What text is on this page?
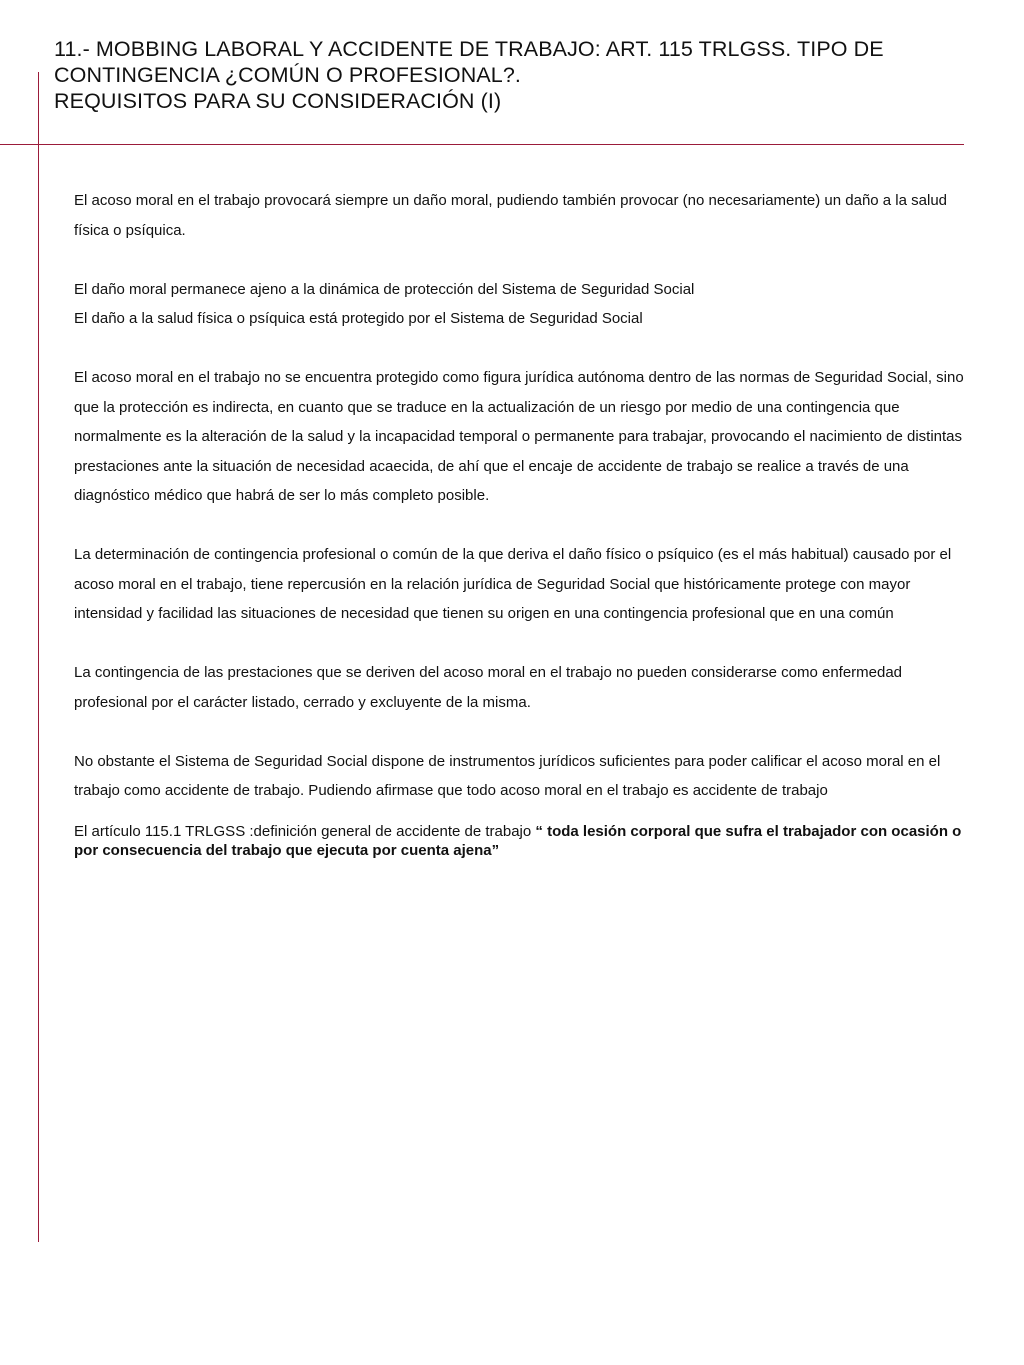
11.- MOBBING LABORAL Y ACCIDENTE DE TRABAJO: ART. 115 TRLGSS. TIPO DE
CONTINGENCIA ¿COMÚN O PROFESIONAL?.
REQUISITOS PARA SU CONSIDERACIÓN (I)

El acoso moral en el trabajo provocará siempre un daño moral, pudiendo también provocar (no necesariamente) un daño a la salud física o psíquica.

El daño moral permanece ajeno a la dinámica de protección del Sistema de Seguridad Social

El daño a la salud física o psíquica está protegido por el Sistema de Seguridad Social

El acoso moral en el trabajo no se encuentra protegido como figura jurídica autónoma dentro de las normas de Seguridad Social, sino que la protección es indirecta, en cuanto que se traduce en la actualización de un riesgo por medio de una contingencia que normalmente es la alteración de la salud y la incapacidad temporal o permanente para trabajar, provocando el nacimiento de distintas prestaciones ante la situación de necesidad acaecida, de ahí que el encaje de accidente de trabajo se realice a través de una diagnóstico médico que habrá de ser lo más completo posible.

La determinación de contingencia profesional o común de la que deriva el daño físico o psíquico (es el más habitual) causado por el acoso moral en el trabajo, tiene repercusión en la relación jurídica de Seguridad Social que históricamente protege con mayor intensidad y facilidad las situaciones de necesidad que tienen su origen en una contingencia profesional que en una común

La contingencia de las prestaciones que se deriven del acoso moral en el trabajo no pueden considerarse como enfermedad profesional por el carácter listado, cerrado y excluyente de la misma.

No obstante el Sistema de Seguridad Social dispone de instrumentos jurídicos suficientes para poder calificar el acoso moral en el trabajo como accidente de trabajo. Pudiendo afirmase que todo acoso moral en el trabajo es accidente de trabajo

El artículo 115.1 TRLGSS :definición general de accidente de trabajo “ toda lesión corporal que sufra el trabajador con ocasión o por consecuencia del trabajo que ejecuta por cuenta ajena”
